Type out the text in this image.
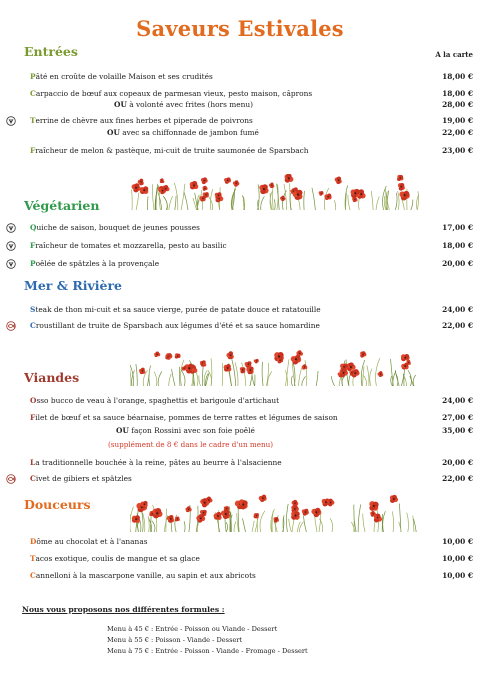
Saveurs Estivales
Entrées	A la carte
Pâté en croûte de volaille Maison et ses crudités	18,00 €
Carpaccio de bœuf aux copeaux de parmesan vieux, pesto maison, câprons	18,00 €
OU à volonté avec frites (hors menu)	28,00 €
Terrine de chèvre aux fines herbes et piperade de poivrons	19,00 €
OU avec sa chiffonnade de jambon fumé	22,00 €
Fraîcheur de melon & pastèque, mi-cuit de truite saumonée de Sparsbach	23,00 €
Végétarien
Quiche de saison, bouquet de jeunes pousses	17,00 €
Fraîcheur de tomates et mozzarella, pesto au basilic	18,00 €
Poêlée de spätzles à la provençale	20,00 €
Mer & Rivière
Steak de thon mi-cuit et sa sauce vierge, purée de patate douce et ratatouille	24,00 €
Croustillant de truite de Sparsbach aux légumes d'été et sa sauce homardine	22,00 €
Viandes
Osso bucco de veau à l'orange, spaghettis et barigoule d'artichaut	24,00 €
Filet de bœuf et sa sauce béarnaise, pommes de terre rattes et légumes de saison	27,00 €
OU façon Rossini avec son foie poêlé	35,00 €
(supplément de 8 € dans le cadre d'un menu)
La traditionnelle bouchée à la reine, pâtes au beurre à l'alsacienne	20,00 €
Civet de gibiers et spätzles	22,00 €
Douceurs
Dôme au chocolat et à l'ananas	10,00 €
Tacos exotique, coulis de mangue et sa glace	10,00 €
Cannelloni à la mascarpone vanille, au sapin et aux abricots	10,00 €
Nous vous proposons nos différentes formules :
Menu à 45 € : Entrée - Poisson ou Viande - Dessert
Menu à 55 € : Poisson - Viande - Dessert
Menu à 75 € : Entrée - Poisson - Viande - Fromage - Dessert
